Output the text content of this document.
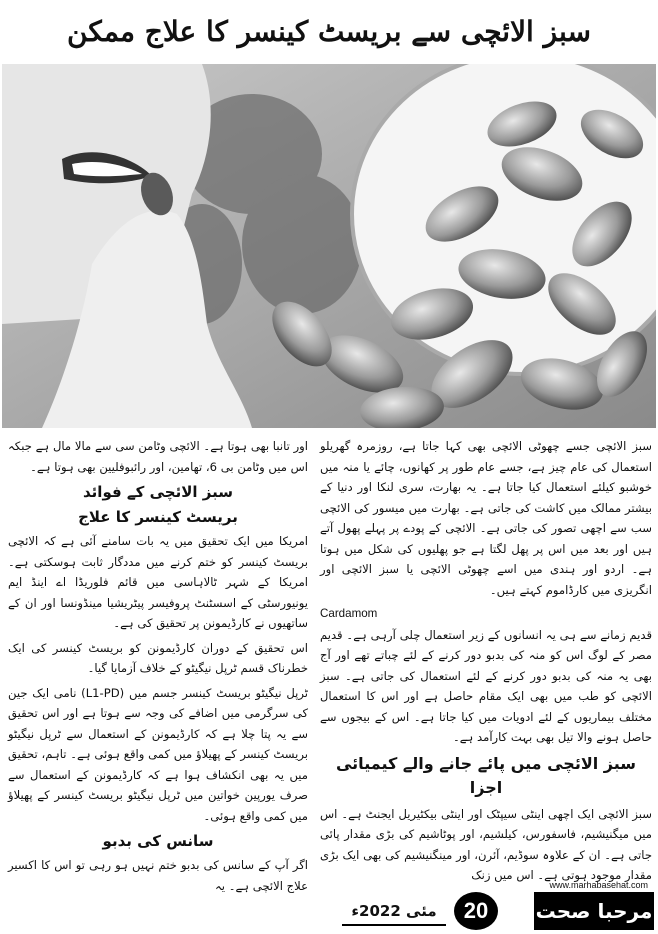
سبز الائچی سے بریسٹ کینسر کا علاج ممکن

سبز الائچی جسے چھوٹی الائچی بھی کہا جاتا ہے، روزمرہ گھریلو استعمال کی عام چیز ہے، جسے عام طور پر کھانوں، چائے یا منہ میں خوشبو کیلئے استعمال کیا جاتا ہے۔ یہ بھارت، سری لنکا اور دنیا کے بیشتر ممالک میں کاشت کی جاتی ہے۔ بھارت میں میسور کی الائچی سب سے اچھی تصور کی جاتی ہے۔ الائچی کے پودے پر پہلے پھول آتے ہیں اور بعد میں اس پر پھل لگتا ہے جو پھلیوں کی شکل میں ہوتا ہے۔ اردو اور ہندی میں اسے چھوٹی الائچی یا سبز الائچی اور انگریزی میں کارڈاموم کہتے ہیں۔

Cardamom

قدیم زمانے سے ہی یہ انسانوں کے زیر استعمال چلی آرہی ہے۔ قدیم مصر کے لوگ اس کو منہ کی بدبو دور کرنے کے لئے چباتے تھے اور آج بھی یہ منہ کی بدبو دور کرنے کے لئے استعمال کی جاتی ہے۔ سبز الائچی کو طب میں بھی ایک مقام حاصل ہے اور اس کا استعمال مختلف بیماریوں کے لئے ادویات میں کیا جاتا ہے۔ اس کے بیجوں سے حاصل ہونے والا تیل بھی بہت کارآمد ہے۔

سبز الائچی میں پائے جانے والے کیمیائی اجزا

سبز الائچی ایک اچھی اینٹی سیپٹک اور اینٹی بیکٹیریل ایجنٹ ہے۔ اس میں میگنیشیم، فاسفورس، کیلشیم، اور پوٹاشیم کی بڑی مقدار پائی جاتی ہے۔ ان کے علاوہ سوڈیم، آئرن، اور مینگنیشیم کی بھی ایک بڑی مقدار موجود ہوتی ہے۔ اس میں زنک

اور تانبا بھی ہوتا ہے۔ الائچی وٹامن سی سے مالا مال ہے جبکہ اس میں وٹامن بی 6، تھامین، اور رائبوفلیین بھی ہوتا ہے۔

سبز الائچی کے فوائد
بریسٹ کینسر کا علاج

امریکا میں ایک تحقیق میں یہ بات سامنے آئی ہے کہ الائچی بریسٹ کینسر کو ختم کرنے میں مددگار ثابت ہوسکتی ہے۔ امریکا کے شہر ٹالاہاسی میں قائم فلوریڈا اے اینڈ ایم یونیورسٹی کے اسسٹنٹ پروفیسر پیٹریشیا مینڈونسا اور ان کے ساتھیوں نے کارڈیمونن پر تحقیق کی ہے۔

اس تحقیق کے دوران کارڈیمونن کو بریسٹ کینسر کی ایک خطرناک قسم ٹرپل نیگیٹو کے خلاف آزمایا گیا۔

ٹرپل نیگیٹو بریسٹ کینسر جسم میں (L1-PD) نامی ایک جین کی سرگرمی میں اضافے کی وجہ سے ہوتا ہے اور اس تحقیق سے یہ پتا چلا ہے کہ کارڈیمونن کے استعمال سے ٹرپل نیگیٹو بریسٹ کینسر کے پھیلاؤ میں کمی واقع ہوئی ہے۔ تاہم، تحقیق میں یہ بھی انکشاف ہوا ہے کہ کارڈیمونن کے استعمال سے صرف یورپین خواتین میں ٹرپل نیگیٹو بریسٹ کینسر کے پھیلاؤ میں کمی واقع ہوئی۔

سانس کی بدبو

اگر آپ کے سانس کی بدبو ختم نہیں ہو رہی تو اس کا اکسیر علاج الائچی ہے۔ یہ

مئی 2022ء	20
www.marhabasehat.com
مرحبا صحت
